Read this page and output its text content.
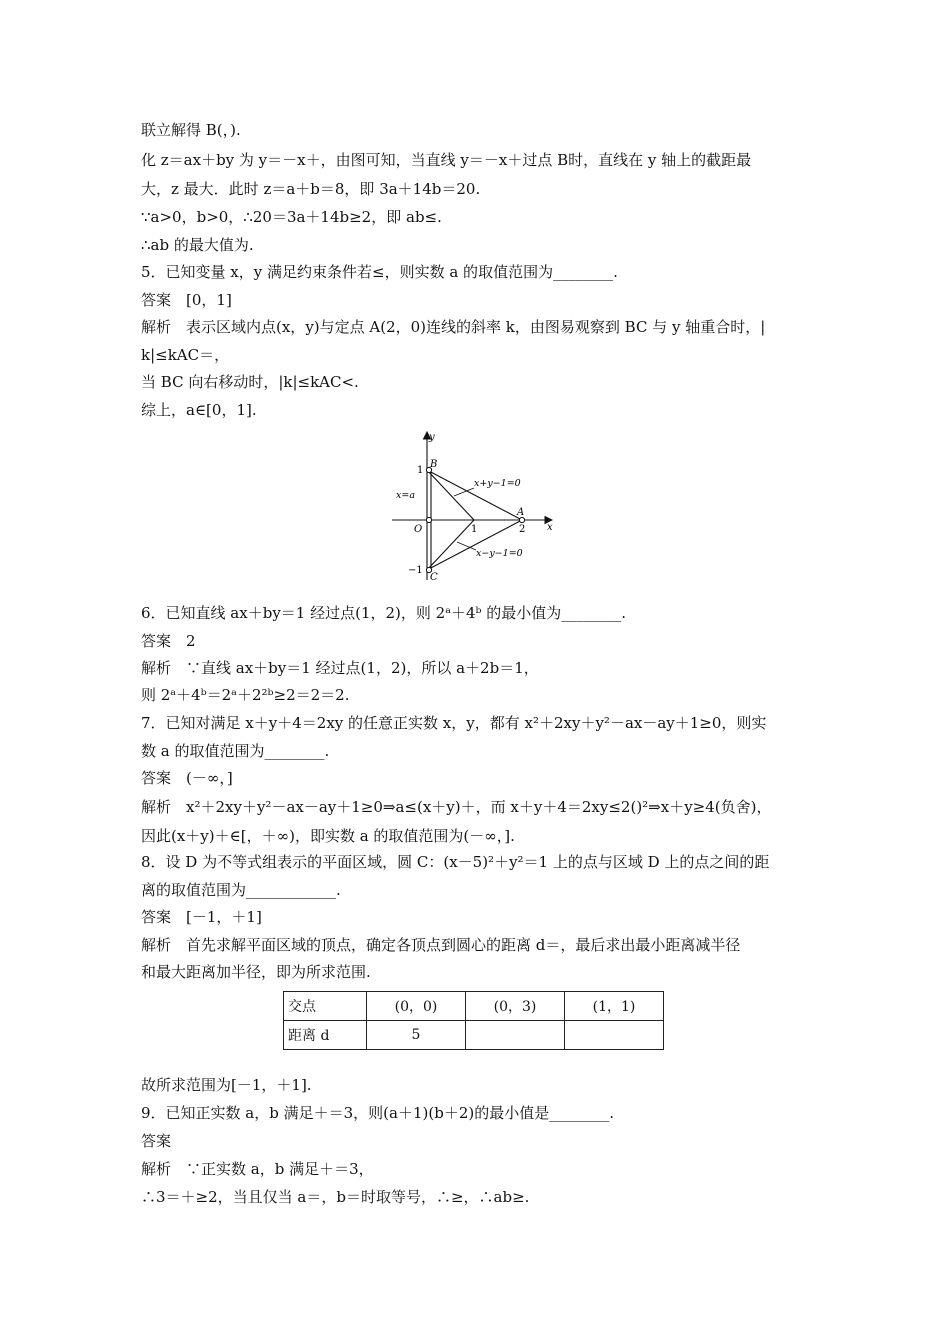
联立解得 B(，).
化 z＝ax＋by 为 y＝－x＋，由图可知，当直线 y＝－x＋过点 B时，直线在 y 轴上的截距最
大，z 最大．此时 z＝a＋b＝8，即 3a＋14b＝20.
∵a>0，b>0，∴20＝3a＋14b≥2，即 ab≤.
∴ab 的最大值为.
5．已知变量 x，y 满足约束条件若≤，则实数 a 的取值范围为________.
答案　[0，1]
解析　表示区域内点(x，y)与定点 A(2，0)连线的斜率 k，由图易观察到 BC 与 y 轴重合时，|
k|≤kAC＝，
当 BC 向右移动时，|k|≤kAC<.
综上，a∈[0，1].
y
x
B
A
C
O
1
−1
1	2
x=a
x+y−1=0
x−y−1=0
6．已知直线 ax＋by＝1 经过点(1，2)，则 2ᵃ＋4ᵇ 的最小值为________.
答案　2
解析　∵直线 ax＋by＝1 经过点(1，2)，所以 a＋2b＝1，
则 2ᵃ＋4ᵇ＝2ᵃ＋2²ᵇ≥2＝2＝2.
7．已知对满足 x＋y＋4＝2xy 的任意正实数 x，y，都有 x²＋2xy＋y²－ax－ay＋1≥0，则实
数 a 的取值范围为________.
答案　(－∞，]
解析　x²＋2xy＋y²－ax－ay＋1≥0⇒a≤(x＋y)＋，而 x＋y＋4＝2xy≤2()²⇒x＋y≥4(负舍)，
因此(x＋y)＋∈[，＋∞)，即实数 a 的取值范围为(－∞，].
8．设 D 为不等式组表示的平面区域，圆 C：(x－5)²＋y²＝1 上的点与区域 D 上的点之间的距
离的取值范围为____________.
答案　[－1，＋1]
解析　首先求解平面区域的顶点，确定各顶点到圆心的距离 d＝，最后求出最小距离减半径
和最大距离加半径，即为所求范围.
交点	(0，0)	(0，3)	(1，1)
距离 d	5		
故所求范围为[－1，＋1].
9．已知正实数 a，b 满足＋＝3，则(a＋1)(b＋2)的最小值是________.
答案
解析　∵正实数 a，b 满足＋＝3，
∴3＝＋≥2，当且仅当 a＝，b＝时取等号，∴≥，∴ab≥.
